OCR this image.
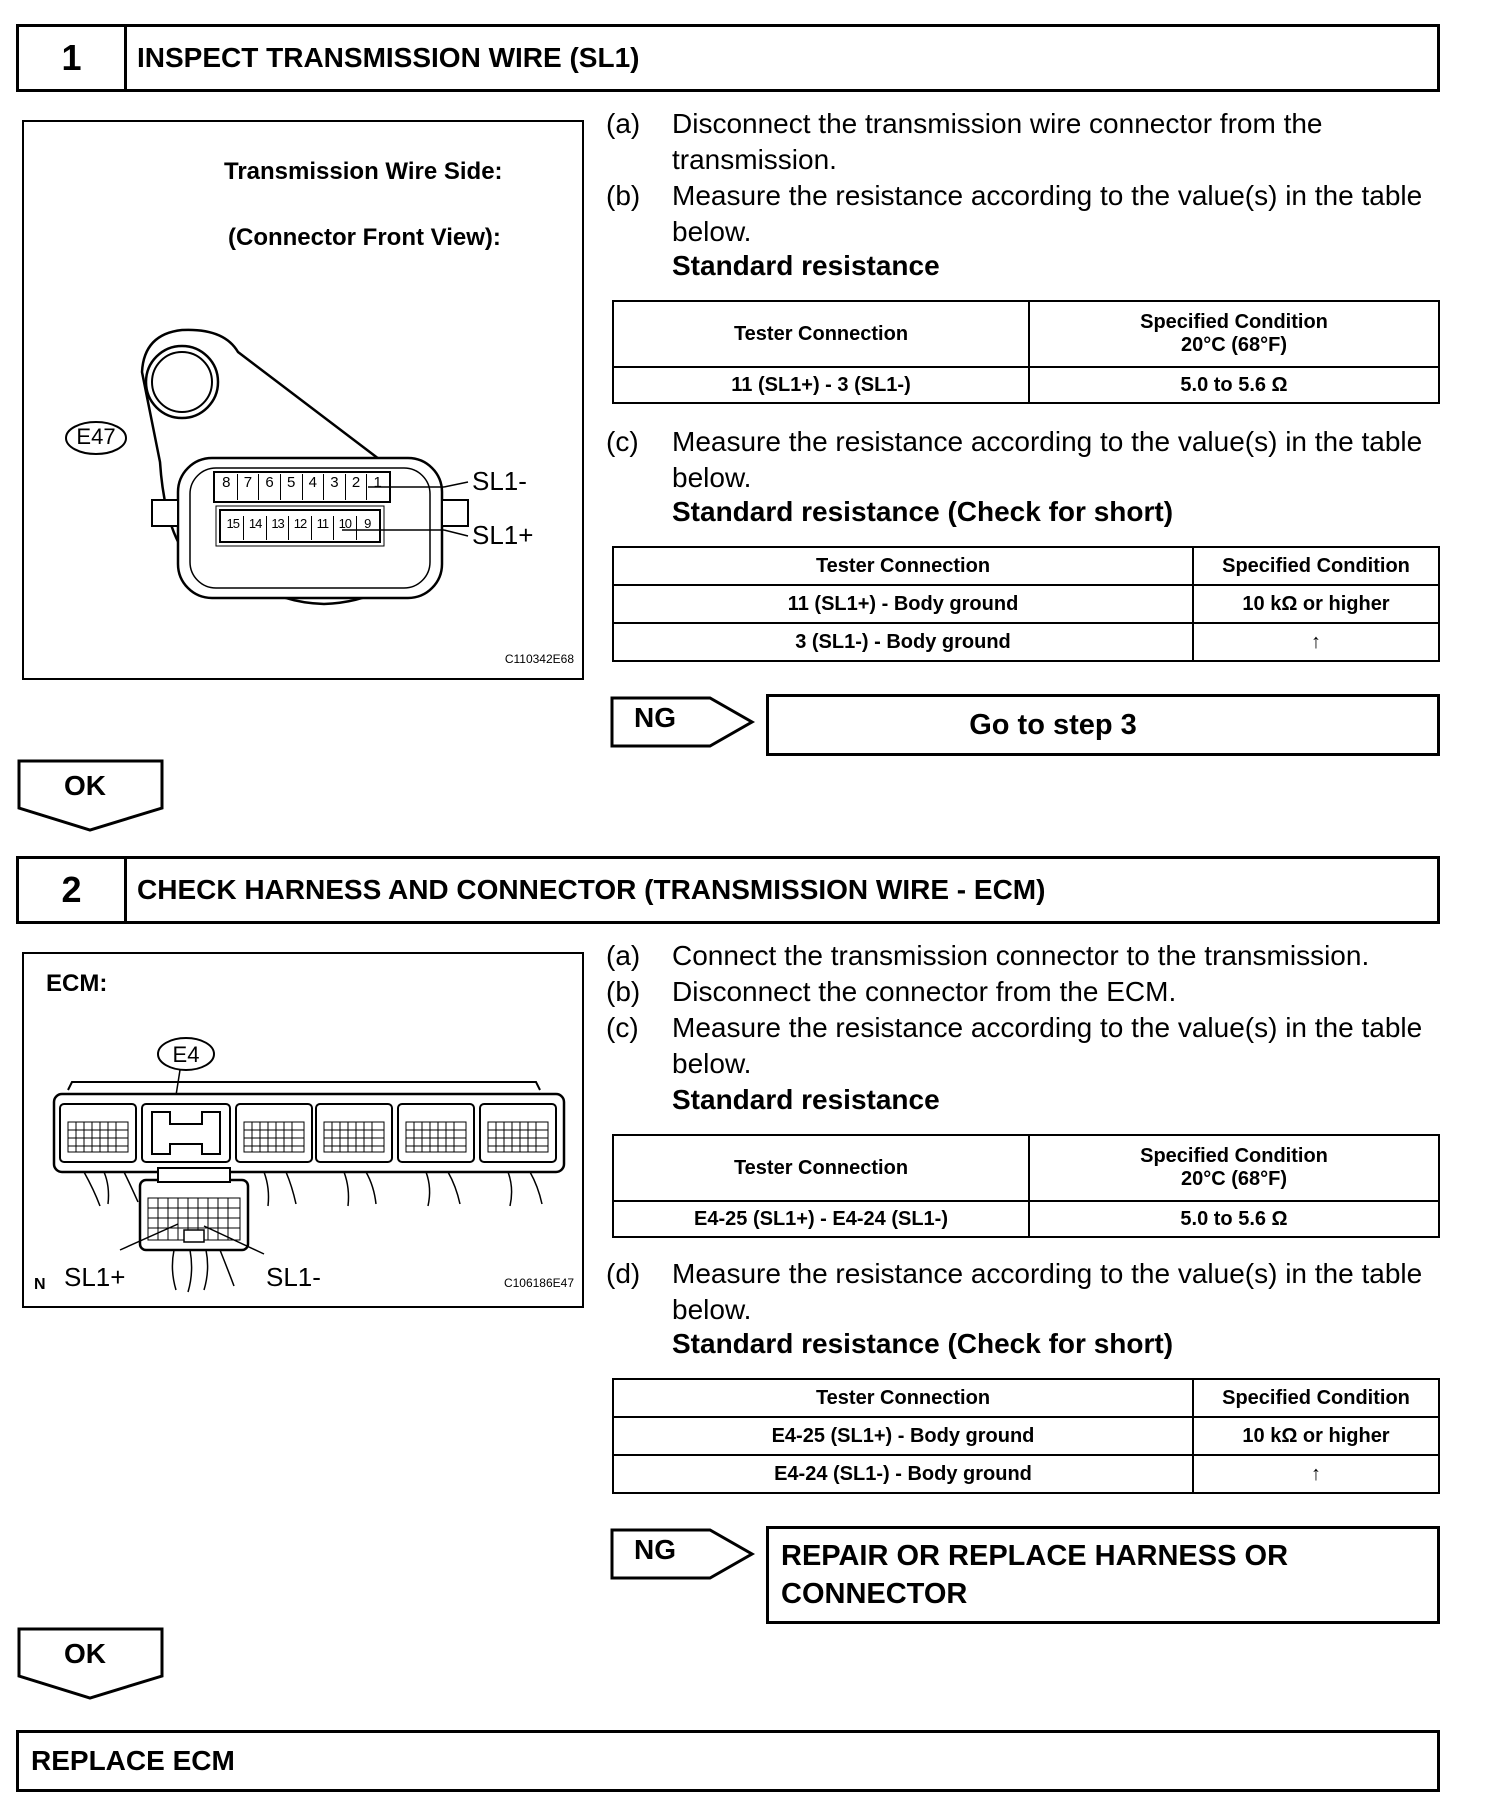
1	INSPECT TRANSMISSION WIRE (SL1)
Transmission Wire Side:
(Connector Front View):
E47
8 7 6 5 4 3 2 1
15 14 13 12 11 10	9
SL1-
SL1+
C110342E68
(a)	Disconnect the transmission wire connector from the transmission.
(b)	Measure the resistance according to the value(s) in the table below.
Standard resistance
Tester Connection	Specified Condition
20°C (68°F)

11 (SL1+) - 3 (SL1-)	5.0 to 5.6 Ω
(c)	Measure the resistance according to the value(s) in the table below.
Standard resistance (Check for short)
Tester Connection	Specified Condition
11 (SL1+) - Body ground	10 kΩ or higher
3 (SL1-) - Body ground	↑
NG	Go to step 3
OK
2	CHECK HARNESS AND CONNECTOR (TRANSMISSION WIRE - ECM)
ECM:
E4
N SL1+	SL1-	C106186E47
(a)	Connect the transmission connector to the transmission.
(b)	Disconnect the connector from the ECM.
(c)	Measure the resistance according to the value(s) in the table below.
Standard resistance
Tester Connection	Specified Condition
20°C (68°F)

E4-25 (SL1+) - E4-24 (SL1-)	5.0 to 5.6 Ω
(d)	Measure the resistance according to the value(s) in the table below.
Standard resistance (Check for short)
Tester Connection	Specified Condition
E4-25 (SL1+) - Body ground	10 kΩ or higher
E4-24 (SL1-) - Body ground	↑
NG	REPAIR OR REPLACE HARNESS OR
CONNECTOR
OK
REPLACE ECM
